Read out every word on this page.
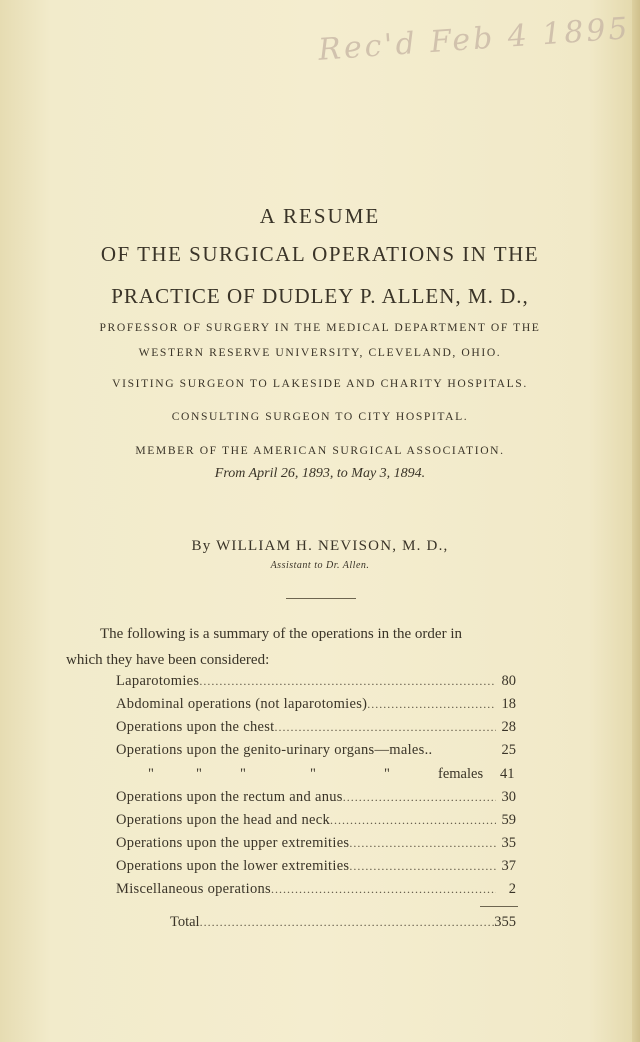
Rec'd Feb 4 1895
A RESUME
OF THE SURGICAL OPERATIONS IN THE
PRACTICE OF DUDLEY P. ALLEN, M. D.,
PROFESSOR OF SURGERY IN THE MEDICAL DEPARTMENT OF THE
WESTERN RESERVE UNIVERSITY, CLEVELAND, OHIO.
VISITING SURGEON TO LAKESIDE AND CHARITY HOSPITALS.
CONSULTING SURGEON TO CITY HOSPITAL.
MEMBER OF THE AMERICAN SURGICAL ASSOCIATION.
From April 26, 1893, to May 3, 1894.
By WILLIAM H. NEVISON, M. D.,
Assistant to Dr. Allen.
The following is a summary of the operations in the order in
which they have been considered:
Laparotomies .....	80
Abdominal operations (not laparotomies) .....	18
Operations upon the chest .....	28
Operations upon the genito-urinary organs—males..	25
"	"	"	"	"	females 41
Operations upon the rectum and anus .....	30
Operations upon the head and neck .....	59
Operations upon the upper extremities .....	35
Operations upon the lower extremities .....	37
Miscellaneous operations .....	2
Total .....	355
